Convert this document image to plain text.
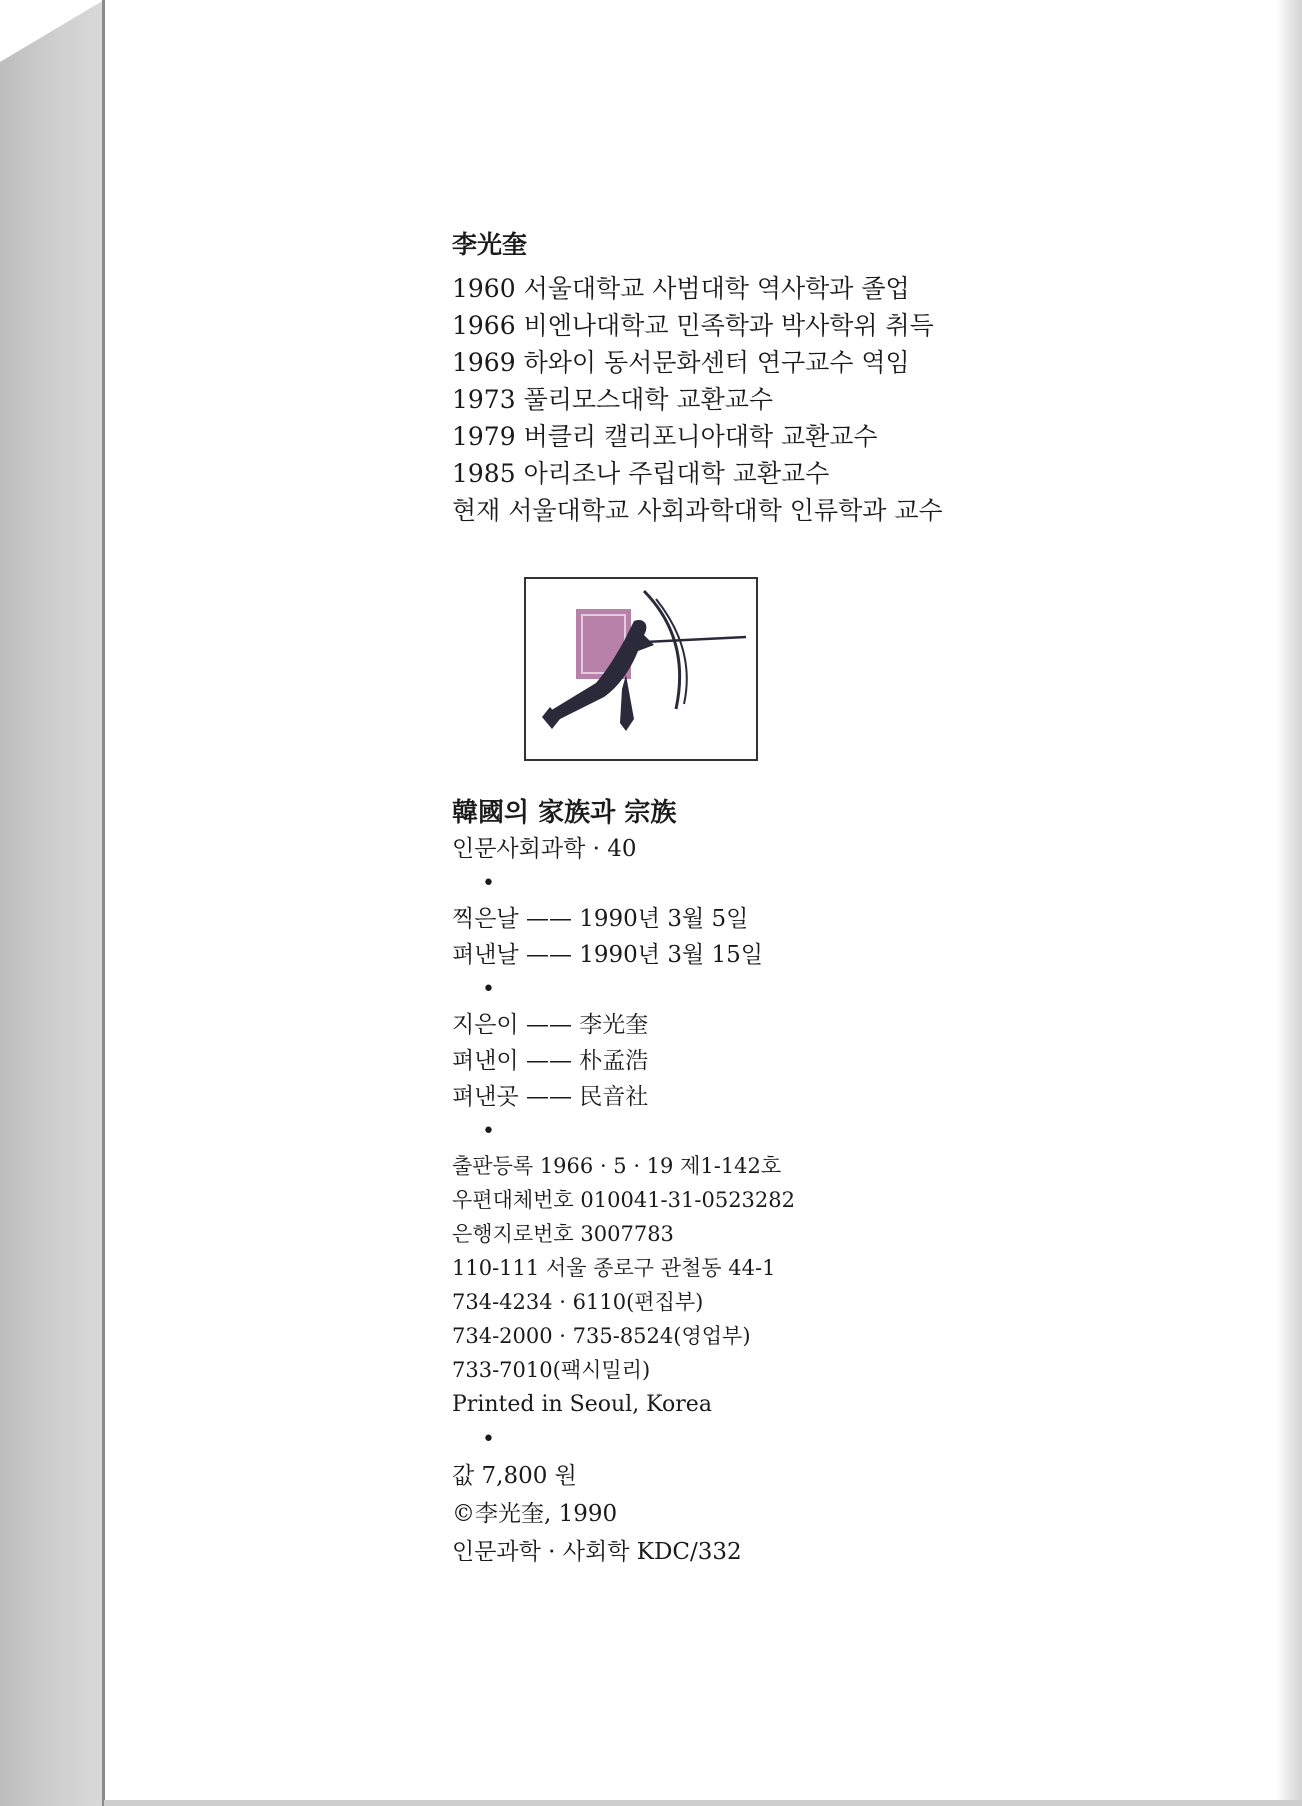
李光奎
1960 서울대학교 사범대학 역사학과 졸업
1966 비엔나대학교 민족학과 박사학위 취득
1969 하와이 동서문화센터 연구교수 역임
1973 풀리모스대학 교환교수
1979 버클리 캘리포니아대학 교환교수
1985 아리조나 주립대학 교환교수
현재 서울대학교 사회과학대학 인류학과 교수
韓國의 家族과 宗族
인문사회과학 · 40
•
찍은날 —— 1990년 3월 5일
펴낸날 —— 1990년 3월 15일
•
지은이 —— 李光奎
펴낸이 —— 朴孟浩
펴낸곳 —— 民音社
•
출판등록 1966 · 5 · 19 제1-142호
우편대체번호 010041-31-0523282
은행지로번호 3007783
110-111 서울 종로구 관철동 44-1
734-4234 · 6110(편집부)
734-2000 · 735-8524(영업부)
733-7010(팩시밀리)
Printed in Seoul, Korea
•
값 7,800 원
©李光奎, 1990
인문과학 · 사회학 KDC/332
